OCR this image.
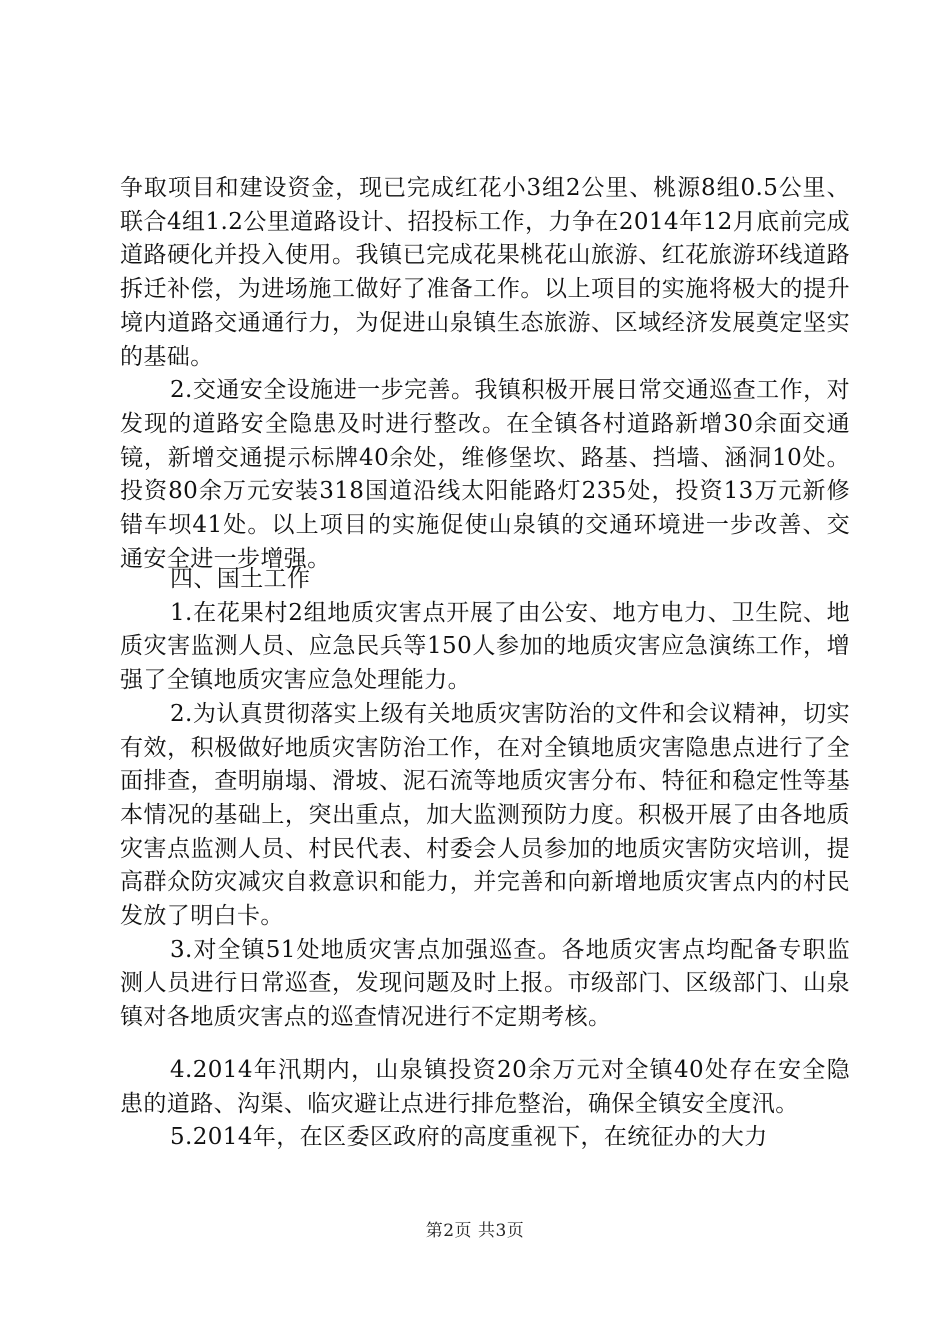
争取项目和建设资金，现已完成红花小3组2公里、桃源8组0.5公里、联合4组1.2公里道路设计、招投标工作，力争在2014年12月底前完成道路硬化并投入使用。我镇已完成花果桃花山旅游、红花旅游环线道路拆迁补偿，为进场施工做好了准备工作。以上项目的实施将极大的提升境内道路交通通行力，为促进山泉镇生态旅游、区域经济发展奠定坚实的基础。

2.交通安全设施进一步完善。我镇积极开展日常交通巡查工作，对发现的道路安全隐患及时进行整改。在全镇各村道路新增30余面交通镜，新增交通提示标牌40余处，维修堡坎、路基、挡墙、涵洞10处。投资80余万元安装318国道沿线太阳能路灯235处，投资13万元新修错车坝41处。以上项目的实施促使山泉镇的交通环境进一步改善、交通安全进一步增强。

四、国土工作

1.在花果村2组地质灾害点开展了由公安、地方电力、卫生院、地质灾害监测人员、应急民兵等150人参加的地质灾害应急演练工作，增强了全镇地质灾害应急处理能力。

2.为认真贯彻落实上级有关地质灾害防治的文件和会议精神，切实有效，积极做好地质灾害防治工作，在对全镇地质灾害隐患点进行了全面排查，查明崩塌、滑坡、泥石流等地质灾害分布、特征和稳定性等基本情况的基础上，突出重点，加大监测预防力度。积极开展了由各地质灾害点监测人员、村民代表、村委会人员参加的地质灾害防灾培训，提高群众防灾减灾自救意识和能力，并完善和向新增地质灾害点内的村民发放了明白卡。

3.对全镇51处地质灾害点加强巡查。各地质灾害点均配备专职监测人员进行日常巡查，发现问题及时上报。市级部门、区级部门、山泉镇对各地质灾害点的巡查情况进行不定期考核。

4.2014年汛期内，山泉镇投资20余万元对全镇40处存在安全隐患的道路、沟渠、临灾避让点进行排危整治，确保全镇安全度汛。

5.2014年，在区委区政府的高度重视下，在统征办的大力

第2页 共3页
